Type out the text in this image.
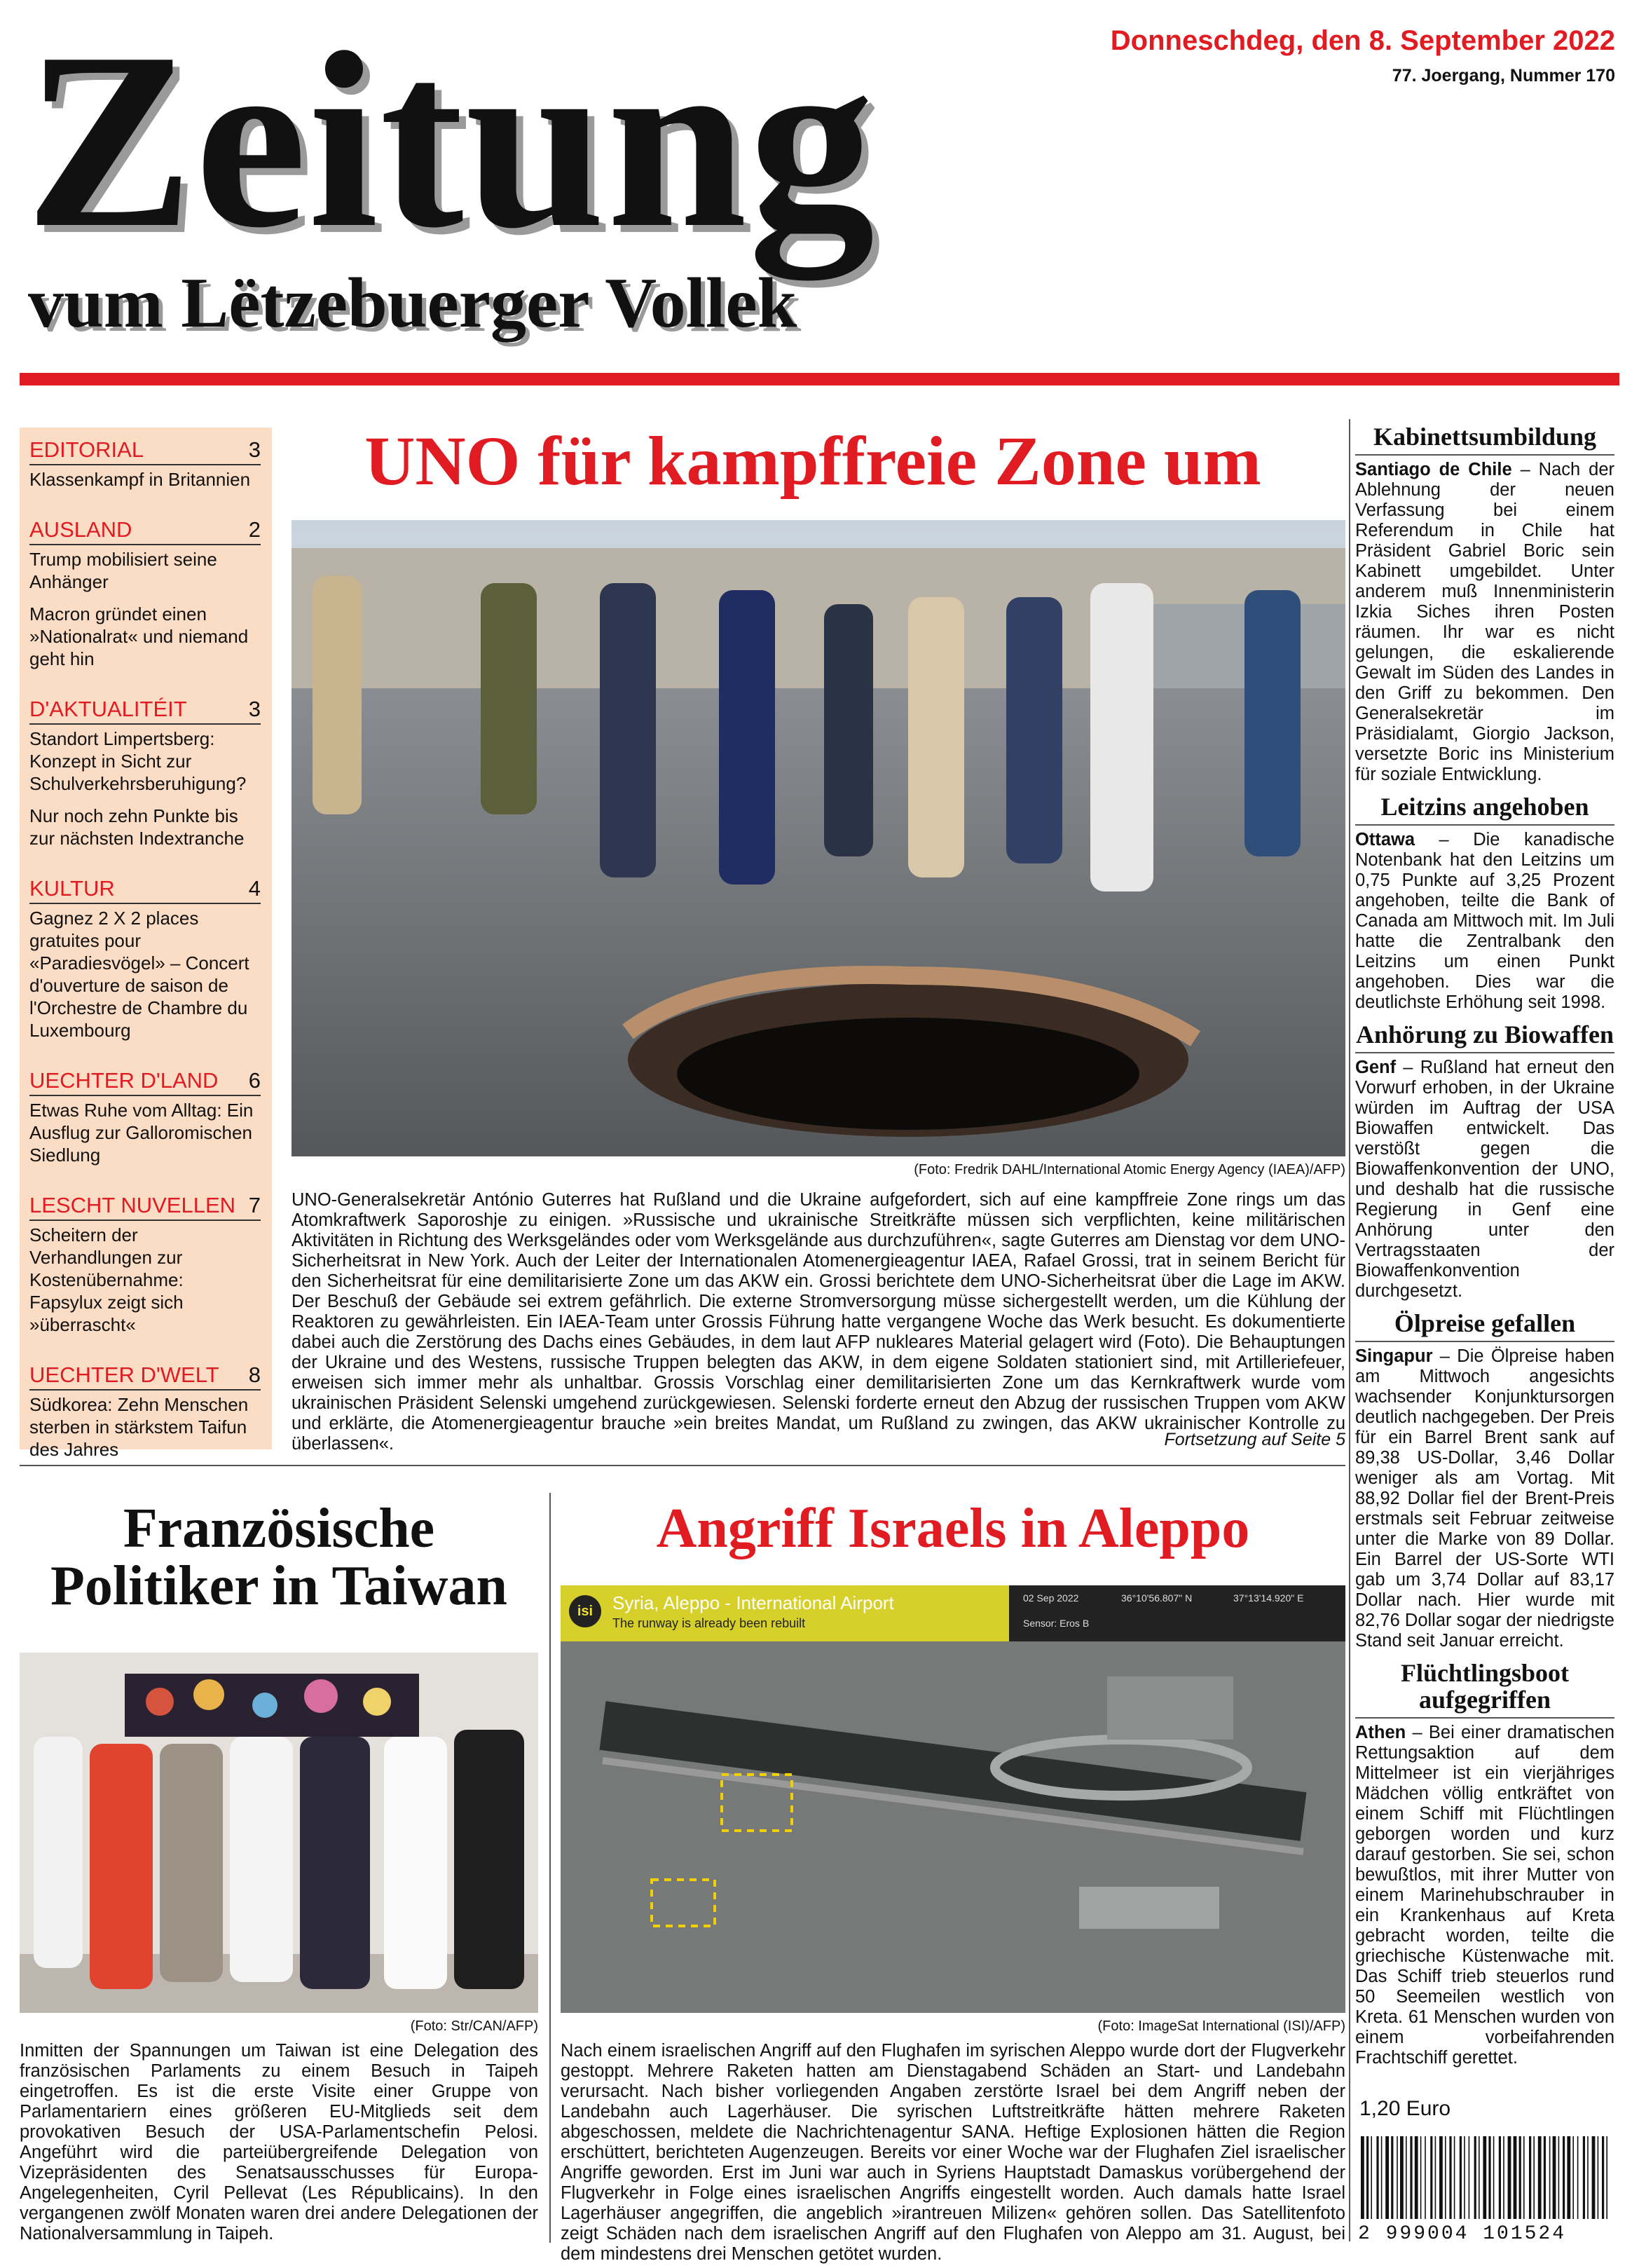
Zeitung
vum Lëtzebuerger Vollek
Donneschdeg, den 8. September 2022
77. Joergang, Nummer 170
EDITORIAL	3
Klassenkampf in Britannien
AUSLAND	2
Trump mobilisiert seine Anhänger
Macron gründet einen »Nationalrat« und niemand geht hin
D'AKTUALITÉIT	3
Standort Limpertsberg: Konzept in Sicht zur Schulverkehrsberuhigung?
Nur noch zehn Punkte bis zur nächsten Indextranche
KULTUR	4
Gagnez 2 X 2 places gratuites pour «Paradiesvögel» – Concert d'ouverture de saison de l'Orchestre de Chambre du Luxembourg
UECHTER D'LAND 6
Etwas Ruhe vom Alltag: Ein Ausflug zur Galloromischen Siedlung
LESCHT NUVELLEN 7
Scheitern der Verhandlungen zur Kostenübernahme: Fapsylux zeigt sich »überrascht«
UECHTER D'WELT 8
Südkorea: Zehn Menschen sterben in stärkstem Taifun des Jahres
UNO für kampffreie Zone um
(Foto: Fredrik DAHL/International Atomic Energy Agency (IAEA)/AFP)
UNO-Generalsekretär António Guterres hat Rußland und die Ukraine aufgefordert, sich auf eine kampffreie Zone rings um das Atomkraftwerk Saporoshje zu einigen. »Russische und ukrainische Streitkräfte müssen sich verpflichten, keine militärischen Aktivitäten in Richtung des Werksgeländes oder vom Werksgelände aus durchzuführen«, sagte Guterres am Dienstag vor dem UNO-Sicherheitsrat in New York. Auch der Leiter der Internationalen Atomenergieagentur IAEA, Rafael Grossi, trat in seinem Bericht für den Sicherheitsrat für eine demilitarisierte Zone um das AKW ein. Grossi berichtete dem UNO-Sicherheitsrat über die Lage im AKW. Der Beschuß der Gebäude sei extrem gefährlich. Die externe Stromversorgung müsse sichergestellt werden, um die Kühlung der Reaktoren zu gewährleisten. Ein IAEA-Team unter Grossis Führung hatte vergangene Woche das Werk besucht. Es dokumentierte dabei auch die Zerstörung des Dachs eines Gebäudes, in dem laut AFP nukleares Material gelagert wird (Foto). Die Behauptungen der Ukraine und des Westens, russische Truppen belegten das AKW, in dem eigene Soldaten stationiert sind, mit Artilleriefeuer, erweisen sich immer mehr als unhaltbar. Grossis Vorschlag einer demilitarisierten Zone um das Kernkraftwerk wurde vom ukrainischen Präsident Selenski umgehend zurückgewiesen. Selenski forderte erneut den Abzug der russischen Truppen vom AKW und erklärte, die Atomenergieagentur brauche »ein breites Mandat, um Rußland zu zwingen, das AKW ukrainischer Kontrolle zu überlassen«.	Fortsetzung auf Seite 5
Kabinettsumbildung
Santiago de Chile – Nach der Ablehnung der neuen Verfassung bei einem Referendum in Chile hat Präsident Gabriel Boric sein Kabinett umgebildet. Unter anderem muß Innenministerin Izkia Siches ihren Posten räumen. Ihr war es nicht gelungen, die eskalierende Gewalt im Süden des Landes in den Griff zu bekommen. Den Generalsekretär im Präsidialamt, Giorgio Jackson, versetzte Boric ins Ministerium für soziale Entwicklung.
Leitzins angehoben
Ottawa – Die kanadische Notenbank hat den Leitzins um 0,75 Punkte auf 3,25 Prozent angehoben, teilte die Bank of Canada am Mittwoch mit. Im Juli hatte die Zentralbank den Leitzins um einen Punkt angehoben. Dies war die deutlichste Erhöhung seit 1998.
Anhörung zu Biowaffen
Genf – Rußland hat erneut den Vorwurf erhoben, in der Ukraine würden im Auftrag der USA Biowaffen entwickelt. Das verstößt gegen die Biowaffenkonvention der UNO, und deshalb hat die russische Regierung in Genf eine Anhörung unter den Vertragsstaaten der Biowaffenkonvention durchgesetzt.
Ölpreise gefallen
Singapur – Die Ölpreise haben am Mittwoch angesichts wachsender Konjunktursorgen deutlich nachgegeben. Der Preis für ein Barrel Brent sank auf 89,38 US-Dollar, 3,46 Dollar weniger als am Vortag. Mit 88,92 Dollar fiel der Brent-Preis erstmals seit Februar zeitweise unter die Marke von 89 Dollar. Ein Barrel der US-Sorte WTI gab um 3,74 Dollar auf 83,17 Dollar nach. Hier wurde mit 82,76 Dollar sogar der niedrigste Stand seit Januar erreicht.
Flüchtlingsboot aufgegriffen
Athen – Bei einer dramatischen Rettungsaktion auf dem Mittelmeer ist ein vierjähriges Mädchen völlig entkräftet von einem Schiff mit Flüchtlingen geborgen worden und kurz darauf gestorben. Sie sei, schon bewußtlos, mit ihrer Mutter von einem Marinehubschrauber in ein Krankenhaus auf Kreta gebracht worden, teilte die griechische Küstenwache mit. Das Schiff trieb steuerlos rund 50 Seemeilen westlich von Kreta. 61 Menschen wurden von einem vorbeifahrenden Frachtschiff gerettet.
Französische
Politiker in Taiwan
(Foto: Str/CAN/AFP)
Inmitten der Spannungen um Taiwan ist eine Delegation des französischen Parlaments zu einem Besuch in Taipeh eingetroffen. Es ist die erste Visite einer Gruppe von Parlamentariern eines größeren EU-Mitglieds seit dem provokativen Besuch der USA-Parlamentschefin Pelosi. Angeführt wird die parteiübergreifende Delegation von Vizepräsidenten des Senatsausschusses für Europa-Angelegenheiten, Cyril Pellevat (Les Républicains). In den vergangenen zwölf Monaten waren drei andere Delegationen der Nationalversammlung in Taipeh.
Angriff Israels in Aleppo
isi	Syria, Aleppo - International Airport
The runway is already been rebuilt
02 Sep 2022	36°10'56.807" N	37°13'14.920" E
Sensor: Eros B
(Foto: ImageSat International (ISI)/AFP)
Nach einem israelischen Angriff auf den Flughafen im syrischen Aleppo wurde dort der Flugverkehr gestoppt. Mehrere Raketen hatten am Dienstagabend Schäden an Start- und Landebahn verursacht. Nach bisher vorliegenden Angaben zerstörte Israel bei dem Angriff neben der Landebahn auch Lagerhäuser. Die syrischen Luftstreitkräfte hätten mehrere Raketen abgeschossen, meldete die Nachrichtenagentur SANA. Heftige Explosionen hätten die Region erschüttert, berichteten Augenzeugen. Bereits vor einer Woche war der Flughafen Ziel israelischer Angriffe geworden. Erst im Juni war auch in Syriens Hauptstadt Damaskus vorübergehend der Flugverkehr in Folge eines israelischen Angriffs eingestellt worden. Auch damals hatte Israel Lagerhäuser angegriffen, die angeblich »irantreuen Milizen« gehören sollen. Das Satellitenfoto zeigt Schäden nach dem israelischen Angriff auf den Flughafen von Aleppo am 31. August, bei dem mindestens drei Menschen getötet wurden.
1,20 Euro
2 999004 101524
